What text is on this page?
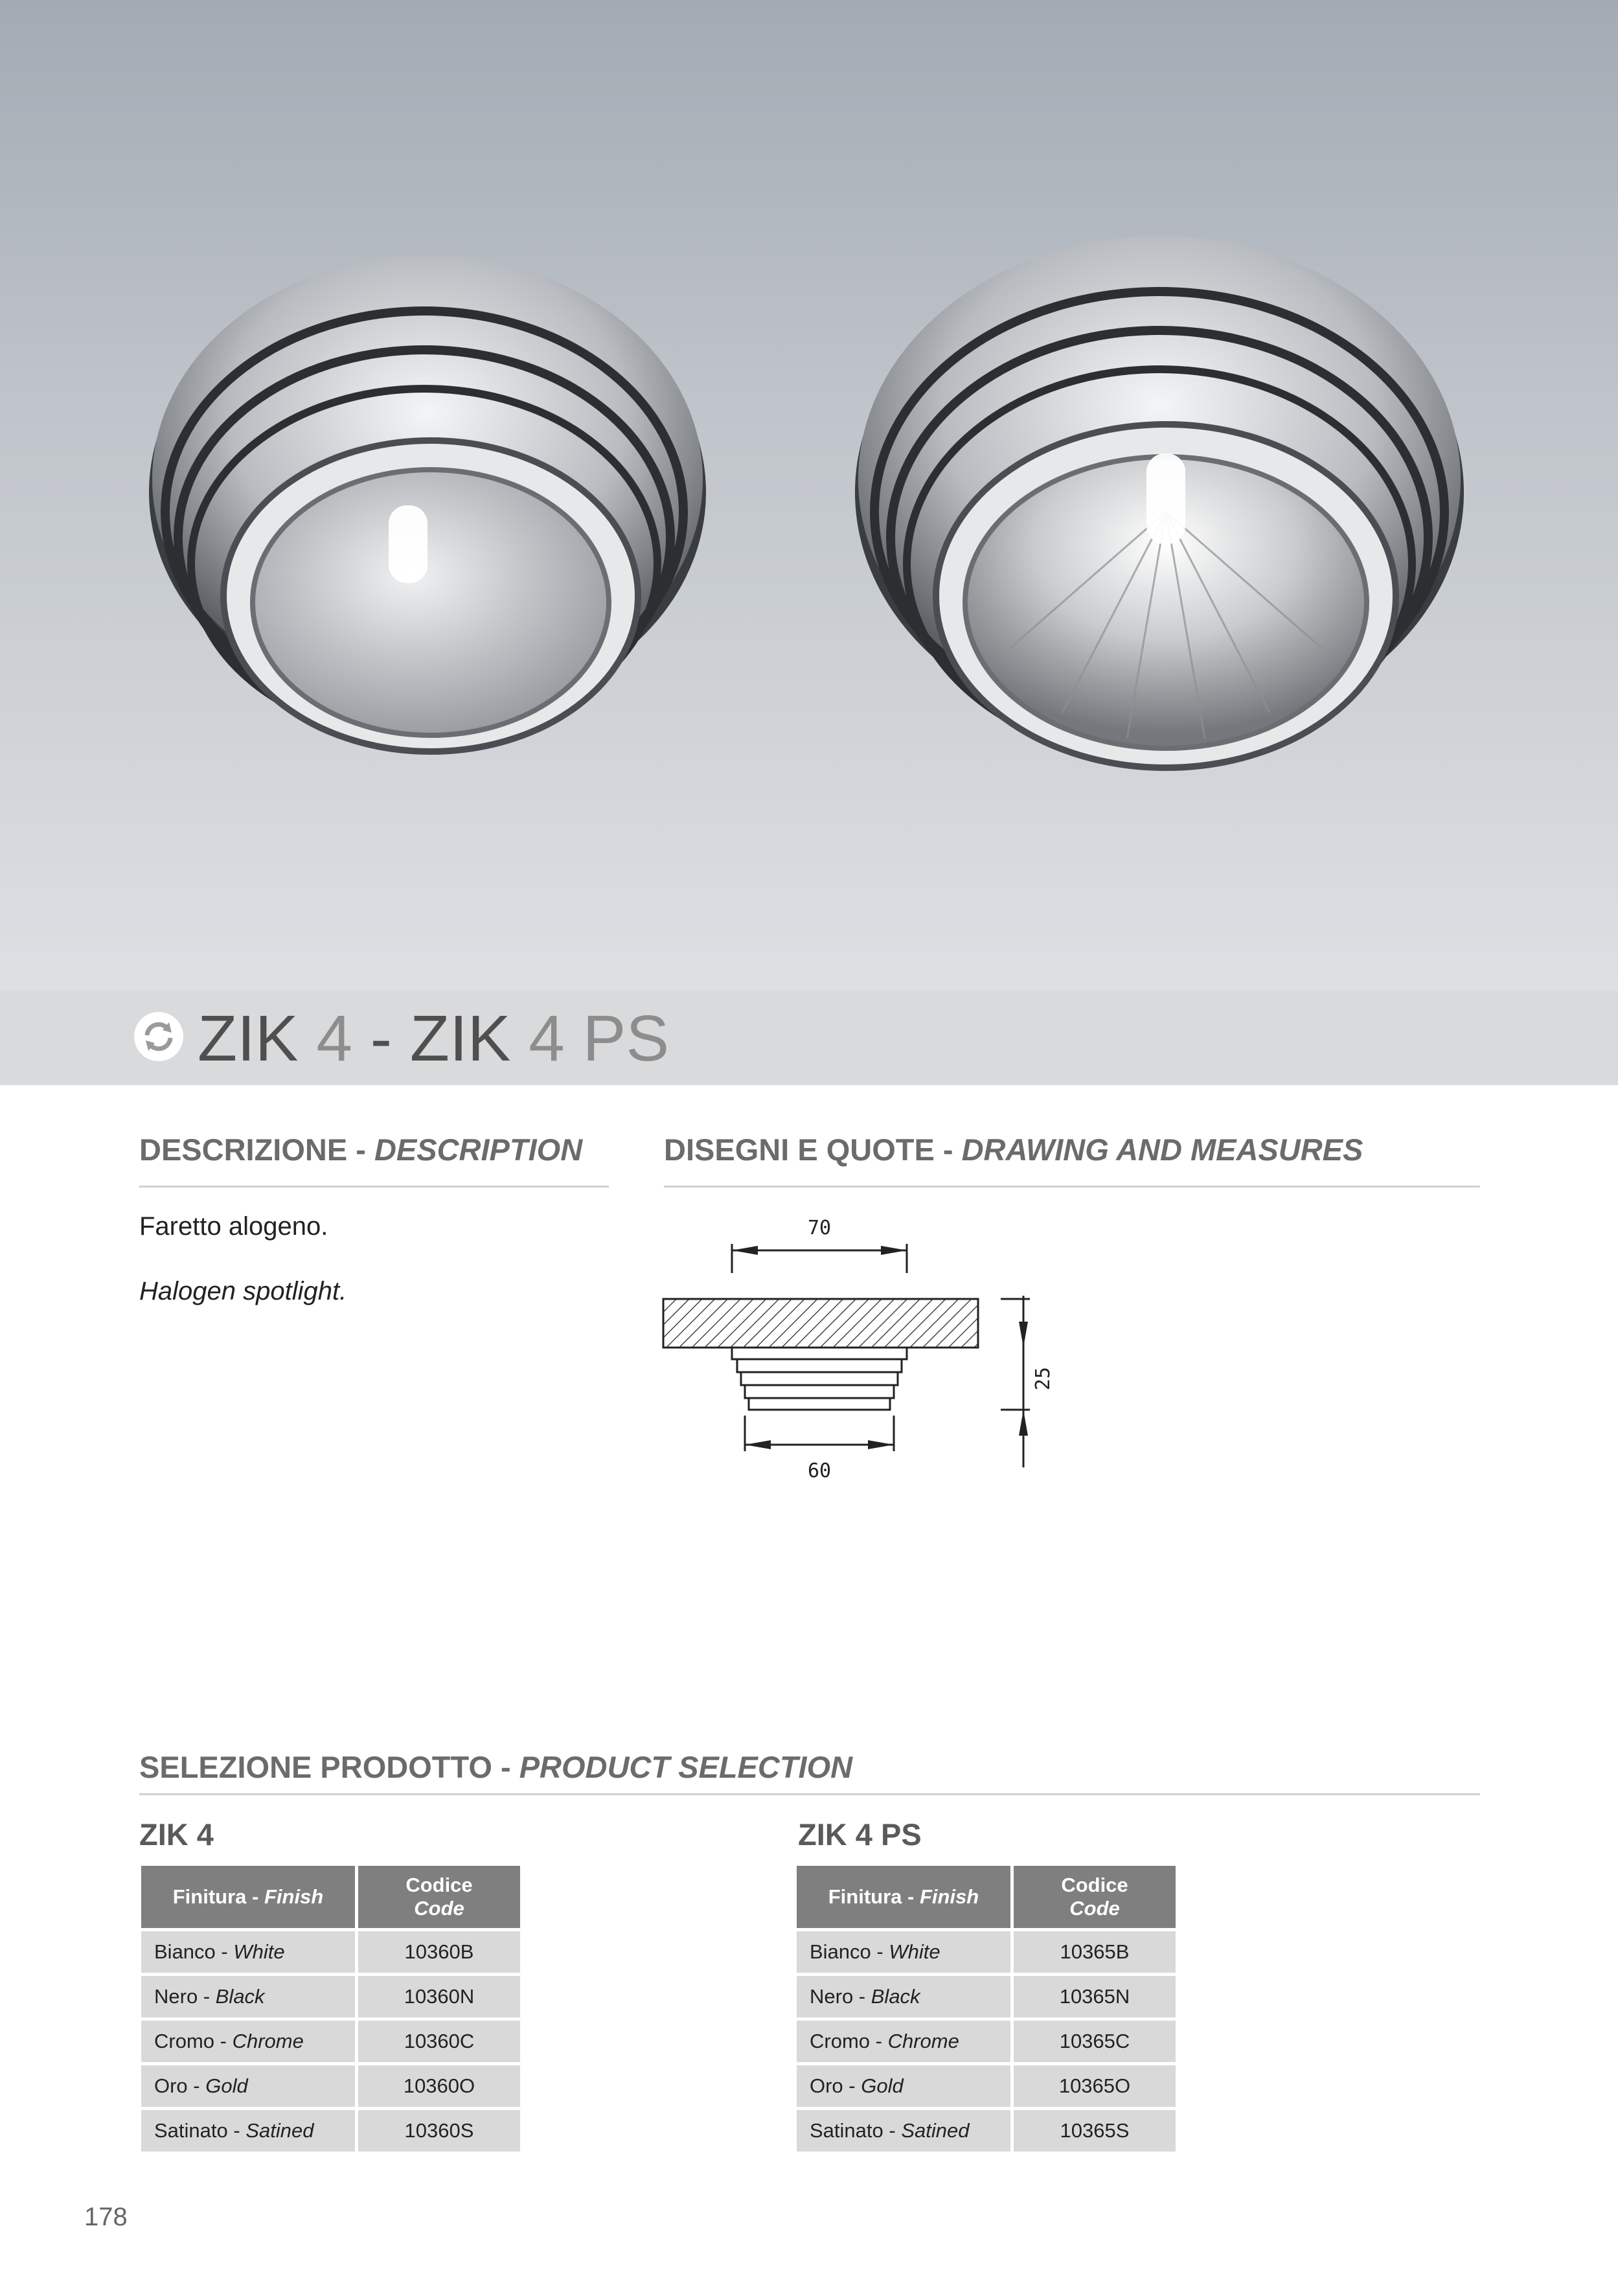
ZIK 4 - ZIK 4 PS
DESCRIZIONE - DESCRIPTION
Faretto alogeno.
Halogen spotlight.
DISEGNI E QUOTE - DRAWING AND MEASURES
70
60
25
SELEZIONE PRODOTTO - PRODUCT SELECTION
ZIK 4	ZIK 4 PS
Finitura - Finish	Codice
Code
Bianco - White	10360B
Nero - Black	10360N
Cromo - Chrome	10360C
Oro - Gold	10360O
Satinato - Satined	10360S
Finitura - Finish	Codice
Code
Bianco - White	10365B
Nero - Black	10365N
Cromo - Chrome	10365C
Oro - Gold	10365O
Satinato - Satined	10365S
178
